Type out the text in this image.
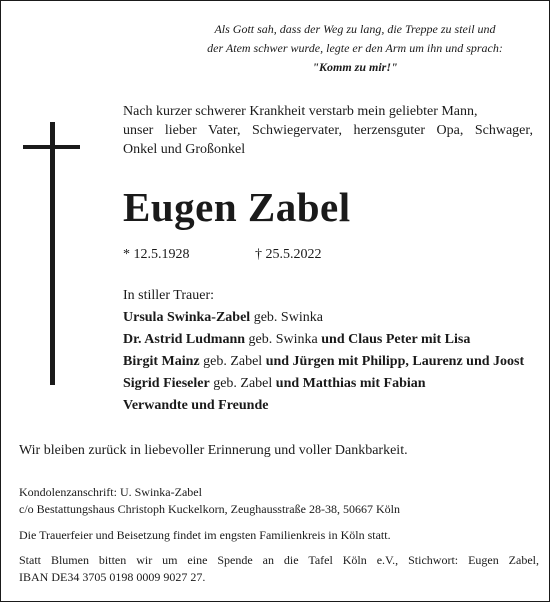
Als Gott sah, dass der Weg zu lang, die Treppe zu steil und
der Atem schwer wurde, legte er den Arm um ihn und sprach:
"Komm zu mir!"
Nach kurzer schwerer Krankheit verstarb mein geliebter Mann,
unser lieber Vater, Schwiegervater, herzensguter Opa, Schwager,
Onkel und Großonkel
Eugen Zabel
* 12.5.1928	† 25.5.2022
In stiller Trauer:
Ursula Swinka-Zabel geb. Swinka
Dr. Astrid Ludmann geb. Swinka und Claus Peter mit Lisa
Birgit Mainz geb. Zabel und Jürgen mit Philipp, Laurenz und Joost
Sigrid Fieseler geb. Zabel und Matthias mit Fabian
Verwandte und Freunde
Wir bleiben zurück in liebevoller Erinnerung und voller Dankbarkeit.
Kondolenzanschrift: U. Swinka-Zabel
c/o Bestattungshaus Christoph Kuckelkorn, Zeughausstraße 28-38, 50667 Köln
Die Trauerfeier und Beisetzung findet im engsten Familienkreis in Köln statt.
Statt Blumen bitten wir um eine Spende an die Tafel Köln e.V., Stichwort: Eugen Zabel,
IBAN DE34 3705 0198 0009 9027 27.
